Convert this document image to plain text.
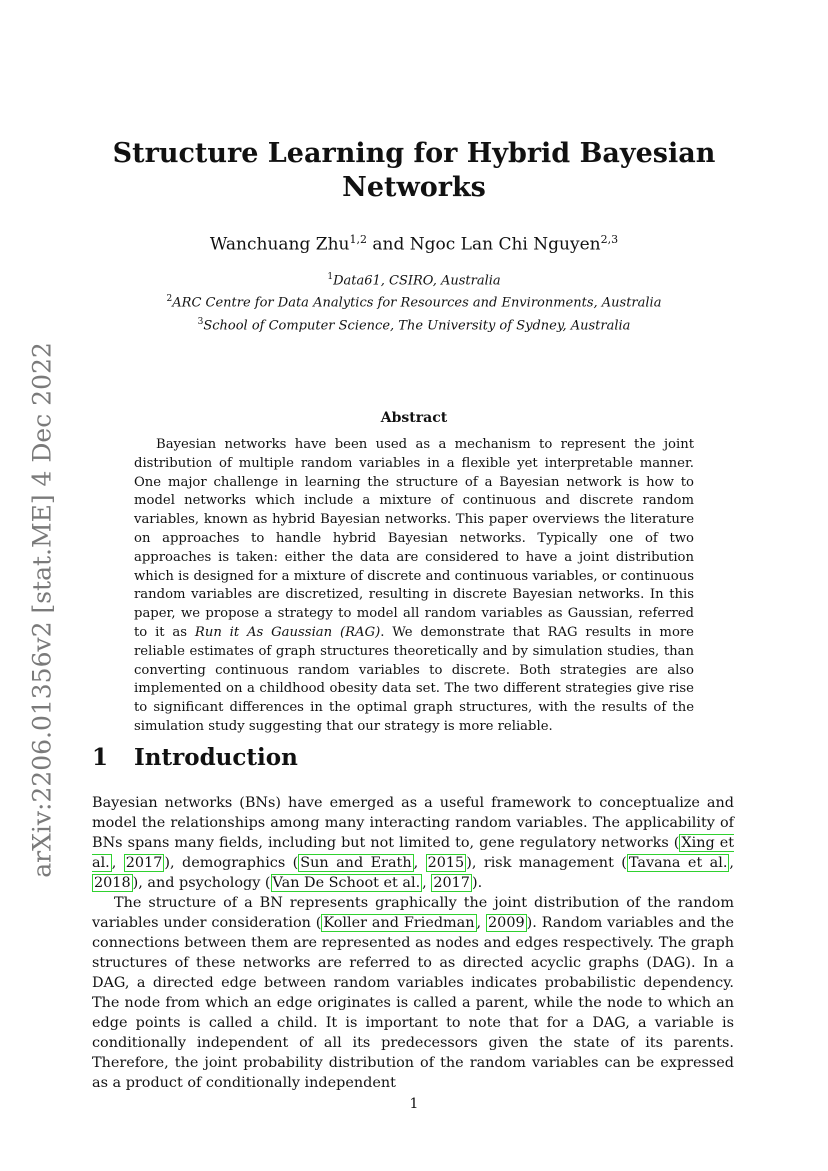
arXiv:2206.01356v2 [stat.ME] 4 Dec 2022
Structure Learning for Hybrid Bayesian
Networks
Wanchuang Zhu$^{1,2}$ and Ngoc Lan Chi Nguyen$^{2,3}$
$^1$Data61, CSIRO, Australia
$^2$ARC Centre for Data Analytics for Resources and Environments, Australia
$^3$School of Computer Science, The University of Sydney, Australia
Abstract

Bayesian networks have been used as a mechanism to represent the joint distribution of multiple random variables in a flexible yet interpretable manner. One major challenge in learning the structure of a Bayesian network is how to model networks which include a mixture of continuous and discrete random variables, known as hybrid Bayesian networks. This paper overviews the literature on approaches to handle hybrid Bayesian networks. Typically one of two approaches is taken: either the data are considered to have a joint distribution which is designed for a mixture of discrete and continuous variables, or continuous random variables are discretized, resulting in discrete Bayesian networks. In this paper, we propose a strategy to model all random variables as Gaussian, referred to it as Run it As Gaussian (RAG). We demonstrate that RAG results in more reliable estimates of graph structures theoretically and by simulation studies, than converting continuous random variables to discrete. Both strategies are also implemented on a childhood obesity data set. The two different strategies give rise to significant differences in the optimal graph structures, with the results of the simulation study suggesting that our strategy is more reliable.

1 Introduction

Bayesian networks (BNs) have emerged as a useful framework to conceptualize and model the relationships among many interacting random variables. The applicability of BNs spans many fields, including but not limited to, gene regulatory networks ( Xing et al. , 2017 ), demographics ( Sun and Erath , 2015 ), risk management ( Tavana et al. , 2018 ), and psychology ( Van De Schoot et al. , 2017 ).

The structure of a BN represents graphically the joint distribution of the random variables under consideration ( Koller and Friedman , 2009 ). Random variables and the connections between them are represented as nodes and edges respectively. The graph structures of these networks are referred to as directed acyclic graphs (DAG). In a DAG, a directed edge between random variables indicates probabilistic dependency. The node from which an edge originates is called a parent, while the node to which an edge points is called a child. It is important to note that for a DAG, a variable is conditionally independent of all its predecessors given the state of its parents. Therefore, the joint probability distribution of the random variables can be expressed as a product of conditionally independent

1
